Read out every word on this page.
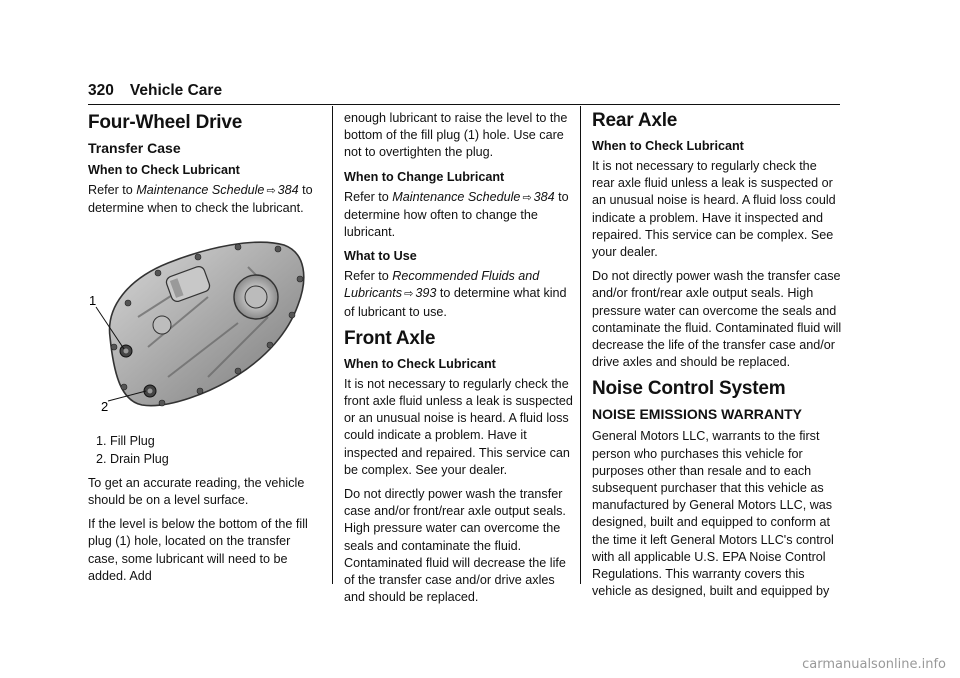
320 Vehicle Care
Four-Wheel Drive
Transfer Case
When to Check Lubricant

Refer to Maintenance Schedule ⇨ 384 to determine when to check the lubricant.

1
2
1. Fill Plug
2. Drain Plug

To get an accurate reading, the vehicle should be on a level surface.

If the level is below the bottom of the fill plug (1) hole, located on the transfer case, some lubricant will need to be added. Add

enough lubricant to raise the level to the bottom of the fill plug (1) hole. Use care not to overtighten the plug.

When to Change Lubricant

Refer to Maintenance Schedule ⇨ 384 to determine how often to change the lubricant.

What to Use

Refer to Recommended Fluids and Lubricants ⇨ 393 to determine what kind of lubricant to use.

Front Axle
When to Check Lubricant

It is not necessary to regularly check the front axle fluid unless a leak is suspected or an unusual noise is heard. A fluid loss could indicate a problem. Have it inspected and repaired. This service can be complex. See your dealer.

Do not directly power wash the transfer case and/or front/rear axle output seals. High pressure water can overcome the seals and contaminate the fluid. Contaminated fluid will decrease the life of the transfer case and/or drive axles and should be replaced.

Rear Axle
When to Check Lubricant

It is not necessary to regularly check the rear axle fluid unless a leak is suspected or an unusual noise is heard. A fluid loss could indicate a problem. Have it inspected and repaired. This service can be complex. See your dealer.

Do not directly power wash the transfer case and/or front/rear axle output seals. High pressure water can overcome the seals and contaminate the fluid. Contaminated fluid will decrease the life of the transfer case and/or drive axles and should be replaced.

Noise Control System
NOISE EMISSIONS WARRANTY

General Motors LLC, warrants to the first person who purchases this vehicle for purposes other than resale and to each subsequent purchaser that this vehicle as manufactured by General Motors LLC, was designed, built and equipped to conform at the time it left General Motors LLC's control with all applicable U.S. EPA Noise Control Regulations. This warranty covers this vehicle as designed, built and equipped by

carmanualsonline.info
